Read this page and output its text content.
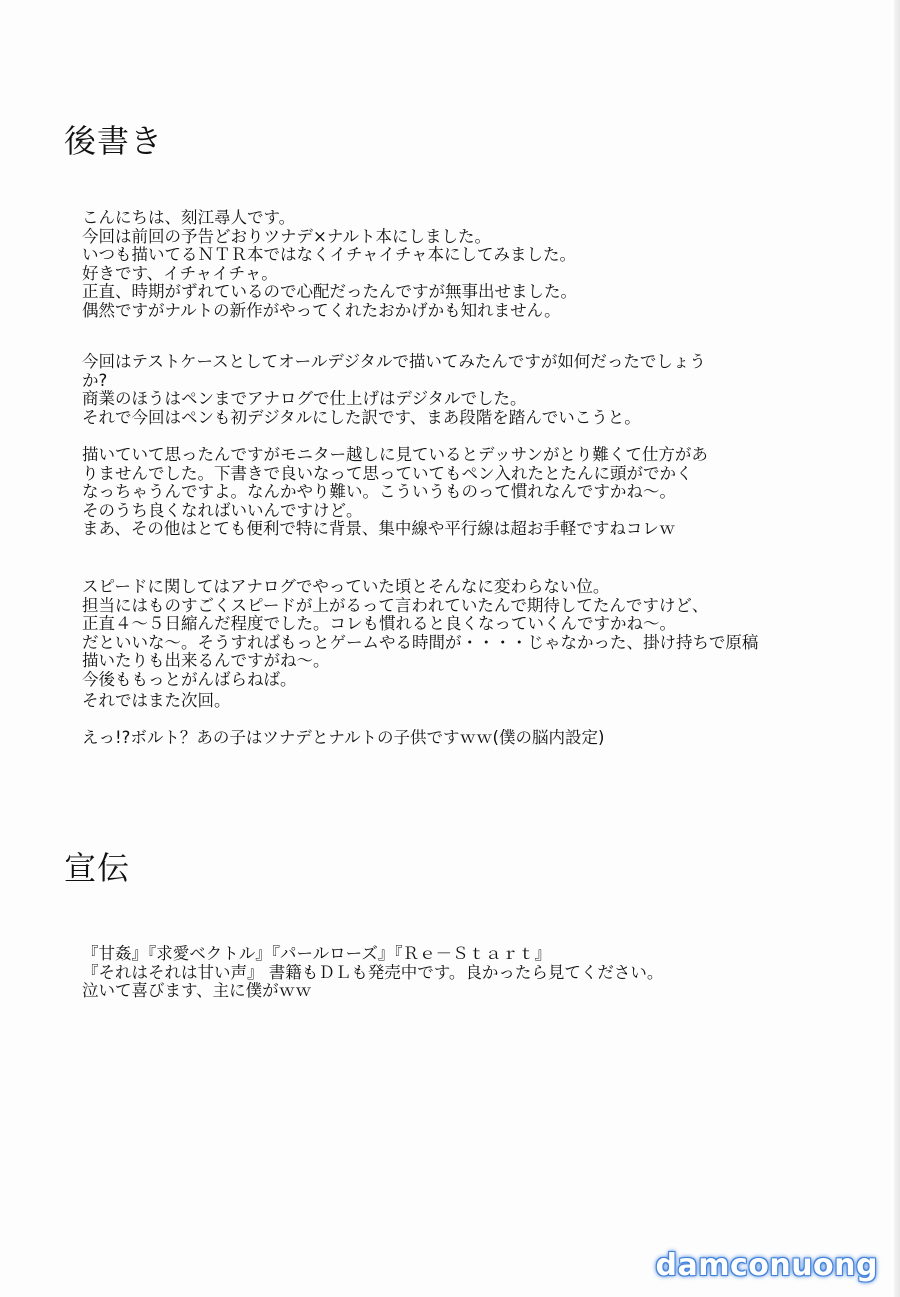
後書き

こんにちは、刻江尋人です。
今回は前回の予告どおりツナデ×ナルト本にしました。
いつも描いてるＮＴＲ本ではなくイチャイチャ本にしてみました。
好きです、イチャイチャ。
正直、時期がずれているので心配だったんですが無事出せました。
偶然ですがナルトの新作がやってくれたおかげかも知れません。

今回はテストケースとしてオールデジタルで描いてみたんですが如何だったでしょう
か?
商業のほうはペンまでアナログで仕上げはデジタルでした。
それで今回はペンも初デジタルにした訳です、まあ段階を踏んでいこうと。

描いていて思ったんですがモニター越しに見ているとデッサンがとり難くて仕方があ
りませんでした。下書きで良いなって思っていてもペン入れたとたんに頭がでかく
なっちゃうんですよ。なんかやり難い。こういうものって慣れなんですかね～。
そのうち良くなればいいんですけど。
まあ、その他はとても便利で特に背景、集中線や平行線は超お手軽ですねコレｗ

スピードに関してはアナログでやっていた頃とそんなに変わらない位。
担当にはものすごくスピードが上がるって言われていたんで期待してたんですけど、
正直４～５日縮んだ程度でした。コレも慣れると良くなっていくんですかね～。
だといいな～。そうすればもっとゲームやる時間が・・・・じゃなかった、掛け持ちで原稿
描いたりも出来るんですがね～。
今後ももっとがんばらねば。

それではまた次回。

えっ!?ボルト？あの子はツナデとナルトの子供ですｗｗ(僕の脳内設定)

宣伝

『甘姦』『求愛ベクトル』『パールローズ』『Ｒｅ－Ｓｔａｒｔ』
『それはそれは甘い声』 書籍もＤＬも発売中です。良かったら見てください。
泣いて喜びます、主に僕がｗｗ

damconuong
